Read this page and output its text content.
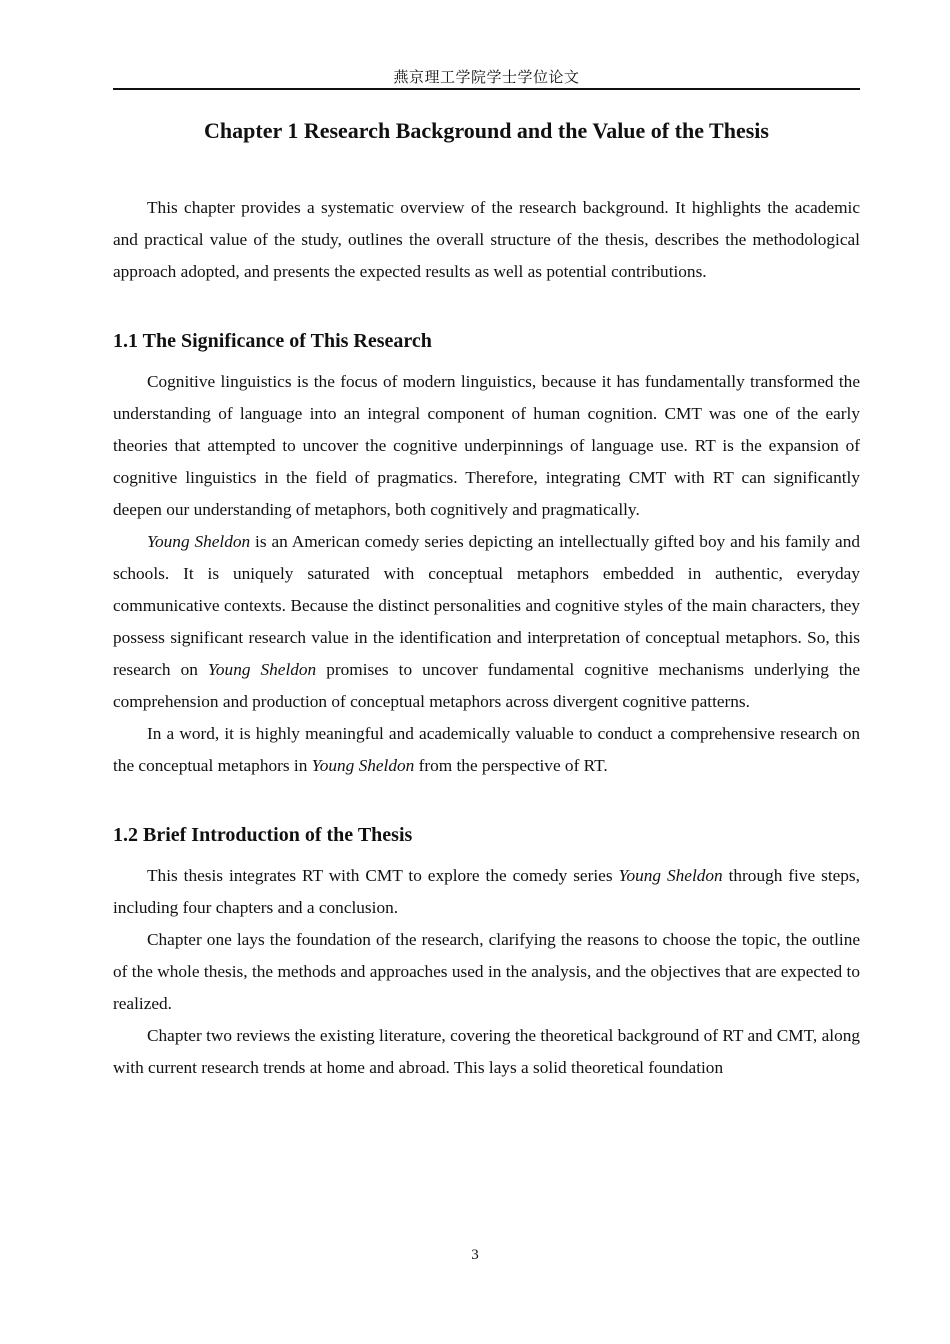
燕京理工学院学士学位论文
Chapter 1 Research Background and the Value of the Thesis

This chapter provides a systematic overview of the research background. It highlights the academic and practical value of the study, outlines the overall structure of the thesis, describes the methodological approach adopted, and presents the expected results as well as potential contributions.

1.1 The Significance of This Research

Cognitive linguistics is the focus of modern linguistics, because it has fundamentally transformed the understanding of language into an integral component of human cognition. CMT was one of the early theories that attempted to uncover the cognitive underpinnings of language use. RT is the expansion of cognitive linguistics in the field of pragmatics. Therefore, integrating CMT with RT can significantly deepen our understanding of metaphors, both cognitively and pragmatically.

Young Sheldon is an American comedy series depicting an intellectually gifted boy and his family and schools. It is uniquely saturated with conceptual metaphors embedded in authentic, everyday communicative contexts. Because the distinct personalities and cognitive styles of the main characters, they possess significant research value in the identification and interpretation of conceptual metaphors. So, this research on Young Sheldon promises to uncover fundamental cognitive mechanisms underlying the comprehension and production of conceptual metaphors across divergent cognitive patterns.

In a word, it is highly meaningful and academically valuable to conduct a comprehensive research on the conceptual metaphors in Young Sheldon from the perspective of RT.

1.2 Brief Introduction of the Thesis

This thesis integrates RT with CMT to explore the comedy series Young Sheldon through five steps, including four chapters and a conclusion.

Chapter one lays the foundation of the research, clarifying the reasons to choose the topic, the outline of the whole thesis, the methods and approaches used in the analysis, and the objectives that are expected to realized.

Chapter two reviews the existing literature, covering the theoretical background of RT and CMT, along with current research trends at home and abroad. This lays a solid theoretical foundation

3
